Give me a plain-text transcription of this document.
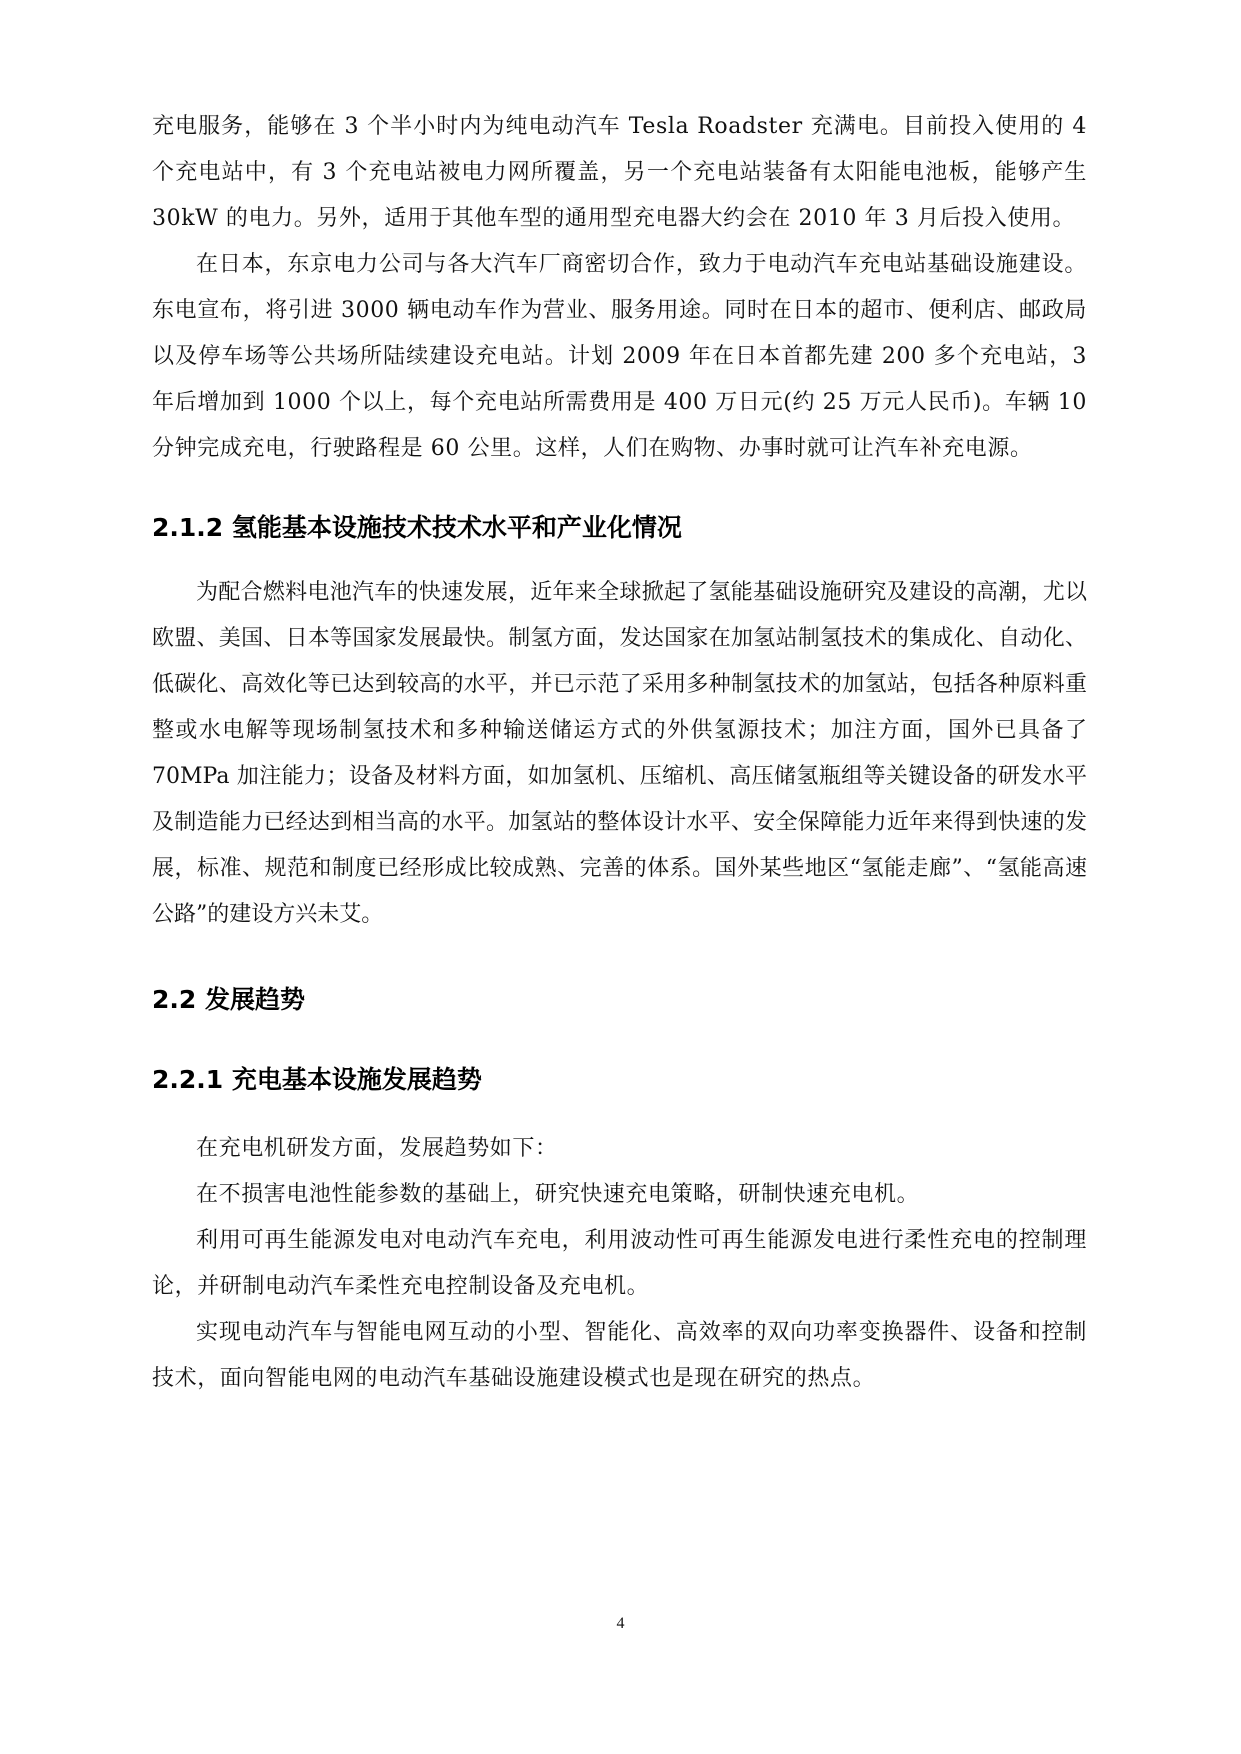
充电服务，能够在 3 个半小时内为纯电动汽车 Tesla Roadster 充满电。目前投入使用的 4 个充电站中，有 3 个充电站被电力网所覆盖，另一个充电站装备有太阳能电池板，能够产生 30kW 的电力。另外，适用于其他车型的通用型充电器大约会在 2010 年 3 月后投入使用。

在日本，东京电力公司与各大汽车厂商密切合作，致力于电动汽车充电站基础设施建设。东电宣布，将引进 3000 辆电动车作为营业、服务用途。同时在日本的超市、便利店、邮政局以及停车场等公共场所陆续建设充电站。计划 2009 年在日本首都先建 200 多个充电站，3 年后增加到 1000 个以上，每个充电站所需费用是 400 万日元(约 25 万元人民币)。车辆 10 分钟完成充电，行驶路程是 60 公里。这样，人们在购物、办事时就可让汽车补充电源。

2.1.2 氢能基本设施技术技术水平和产业化情况

为配合燃料电池汽车的快速发展，近年来全球掀起了氢能基础设施研究及建设的高潮，尤以欧盟、美国、日本等国家发展最快。制氢方面，发达国家在加氢站制氢技术的集成化、自动化、低碳化、高效化等已达到较高的水平，并已示范了采用多种制氢技术的加氢站，包括各种原料重整或水电解等现场制氢技术和多种输送储运方式的外供氢源技术；加注方面，国外已具备了 70MPa 加注能力；设备及材料方面，如加氢机、压缩机、高压储氢瓶组等关键设备的研发水平及制造能力已经达到相当高的水平。加氢站的整体设计水平、安全保障能力近年来得到快速的发展，标准、规范和制度已经形成比较成熟、完善的体系。国外某些地区“氢能走廊”、“氢能高速公路”的建设方兴未艾。

2.2 发展趋势
2.2.1 充电基本设施发展趋势

在充电机研发方面，发展趋势如下：

在不损害电池性能参数的基础上，研究快速充电策略，研制快速充电机。

利用可再生能源发电对电动汽车充电，利用波动性可再生能源发电进行柔性充电的控制理论，并研制电动汽车柔性充电控制设备及充电机。

实现电动汽车与智能电网互动的小型、智能化、高效率的双向功率变换器件、设备和控制技术，面向智能电网的电动汽车基础设施建设模式也是现在研究的热点。

4
